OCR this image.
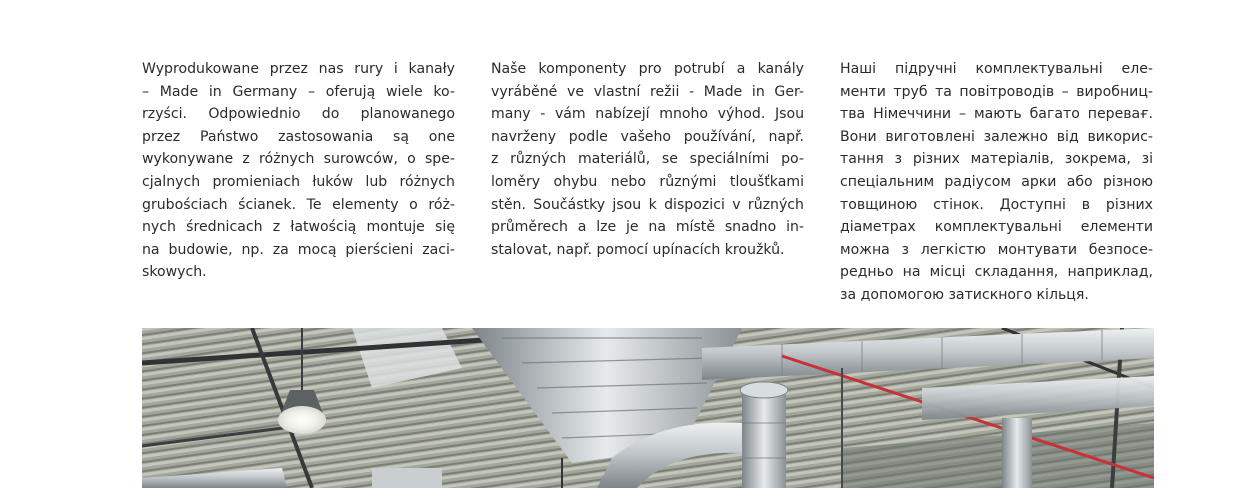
Wyprodukowane przez nas rury i kanały
– Made in Germany – oferują wiele ko-
rzyści. Odpowiednio do planowanego
przez Państwo zastosowania są one
wykonywane z różnych surowców, o spe-
cjalnych promieniach łuków lub różnych
grubościach ścianek. Te elementy o róż-
nych średnicach z łatwością montuje się
na budowie, np. za mocą pierścieni zaci-
skowych.

Naše komponenty pro potrubí a kanály
vyráběné ve vlastní režii - Made in Ger-
many - vám nabízejí mnoho výhod. Jsou
navrženy podle vašeho používání, např.
z různých materiálů, se speciálními po-
loměry ohybu nebo různými tloušťkami
stěn. Součástky jsou k dispozici v různých
průměrech a lze je na místě snadno in-
stalovat, např. pomocí upínacích kroužků.

Наші підручні комплектувальні еле-
менти труб та повітроводів – виробниц-
тва Німеччини – мають багато перевағ.
Вони виготовлені залежно від викорис-
тання з різних матеріалів, зокрема, зі
спеціальним радіусом арки або різною
товщиною стінок. Доступні в різних
діаметрах комплектувальні елементи
можна з легкістю монтувати безпосе-
редньо на місці складання, наприклад,
за допомогою затискного кільця.
